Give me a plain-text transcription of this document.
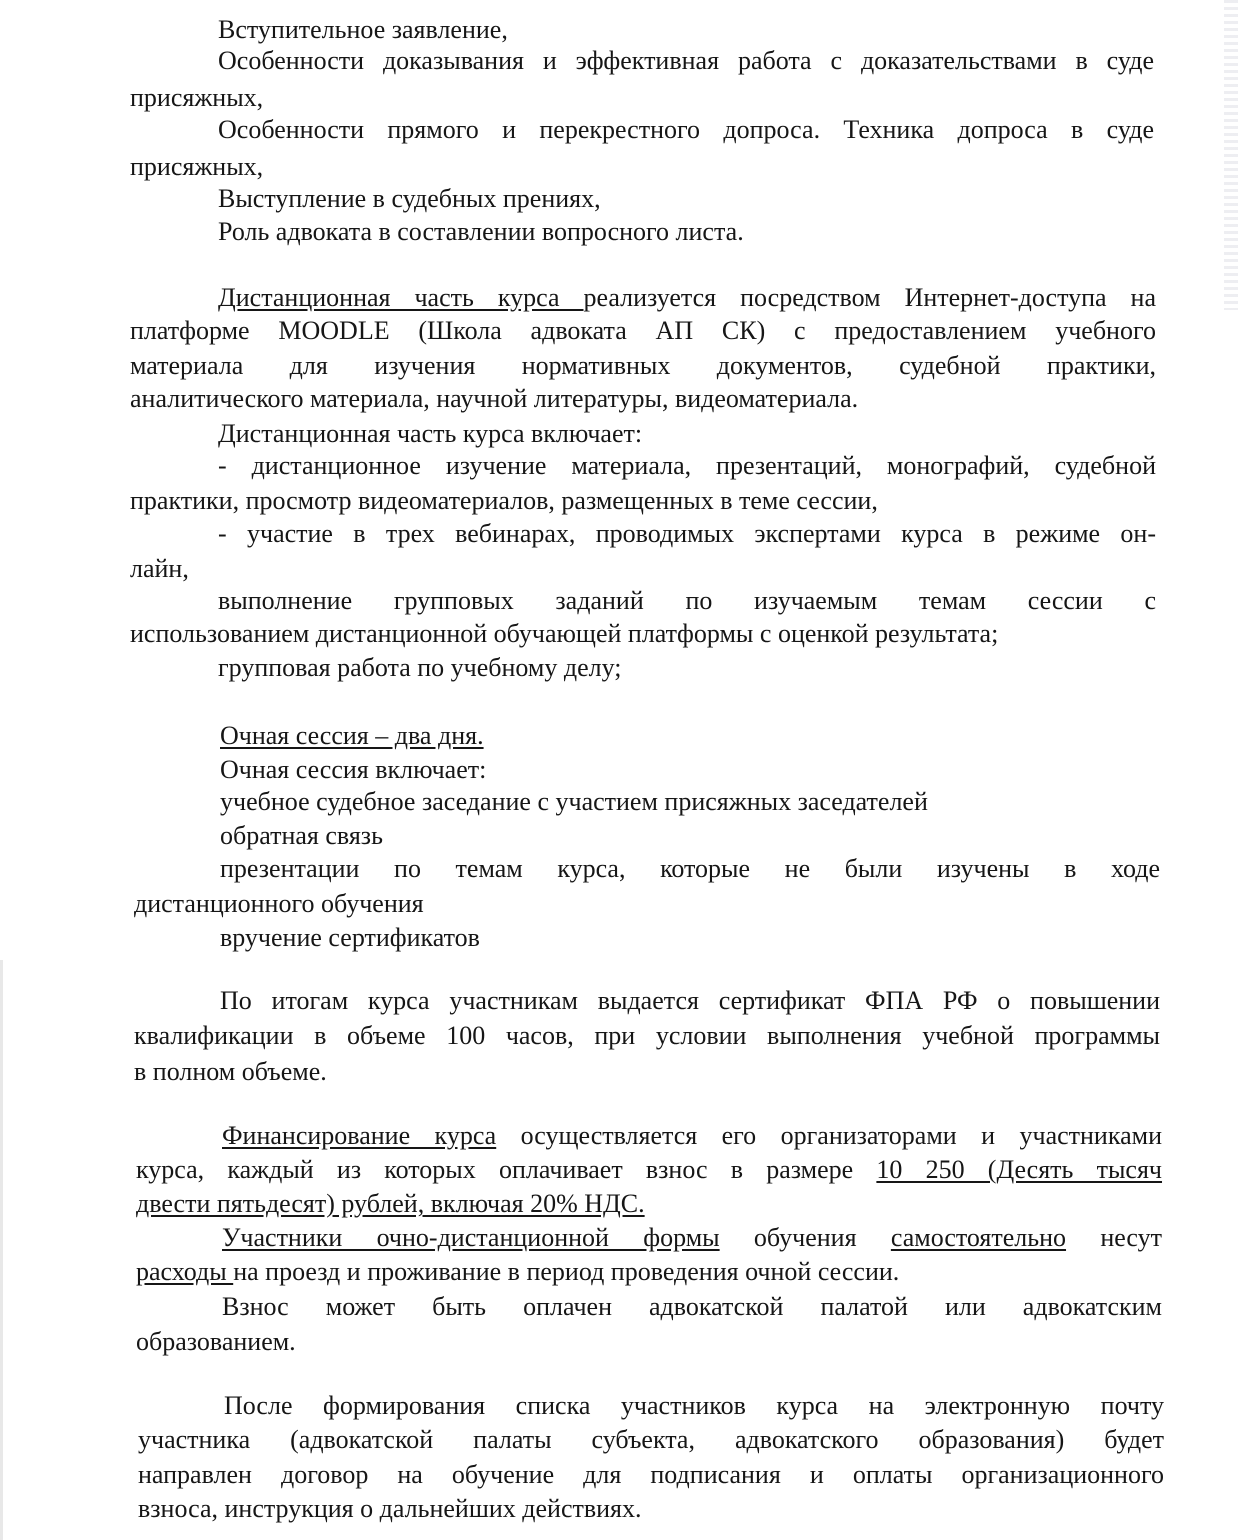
Вступительное заявление,
Особенности доказывания и эффективная работа с доказательствами в суде
присяжных,
Особенности прямого и перекрестного допроса. Техника допроса в суде
присяжных,
Выступление в судебных прениях,
Роль адвоката в составлении вопросного листа.
Дистанционная часть курса реализуется посредством Интернет-доступа на
платформе MOODLE (Школа адвоката АП СК) с предоставлением учебного
материала для изучения нормативных документов, судебной практики,
аналитического материала, научной литературы, видеоматериала.
Дистанционная часть курса включает:
- дистанционное изучение материала, презентаций, монографий, судебной
практики, просмотр видеоматериалов, размещенных в теме сессии,
- участие в трех вебинарах, проводимых экспертами курса в режиме он-
лайн,
выполнение групповых заданий по изучаемым темам сессии с
использованием дистанционной обучающей платформы с оценкой результата;
групповая работа по учебному делу;
Очная сессия – два дня.
Очная сессия включает:
учебное судебное заседание с участием присяжных заседателей
обратная связь
презентации по темам курса, которые не были изучены в ходе
дистанционного обучения
вручение сертификатов
По итогам курса участникам выдается сертификат ФПА РФ о повышении
квалификации в объеме 100 часов, при условии выполнения учебной программы
в полном объеме.
Финансирование курса осуществляется его организаторами и участниками
курса, каждый из которых оплачивает взнос в размере 10 250 (Десять тысяч
двести пятьдесят) рублей, включая 20% НДС.
Участники очно-дистанционной формы обучения самостоятельно несут
расходы на проезд и проживание в период проведения очной сессии.
Взнос может быть оплачен адвокатской палатой или адвокатским
образованием.
После формирования списка участников курса на электронную почту
участника (адвокатской палаты субъекта, адвокатского образования) будет
направлен договор на обучение для подписания и оплаты организационного
взноса, инструкция о дальнейших действиях.
